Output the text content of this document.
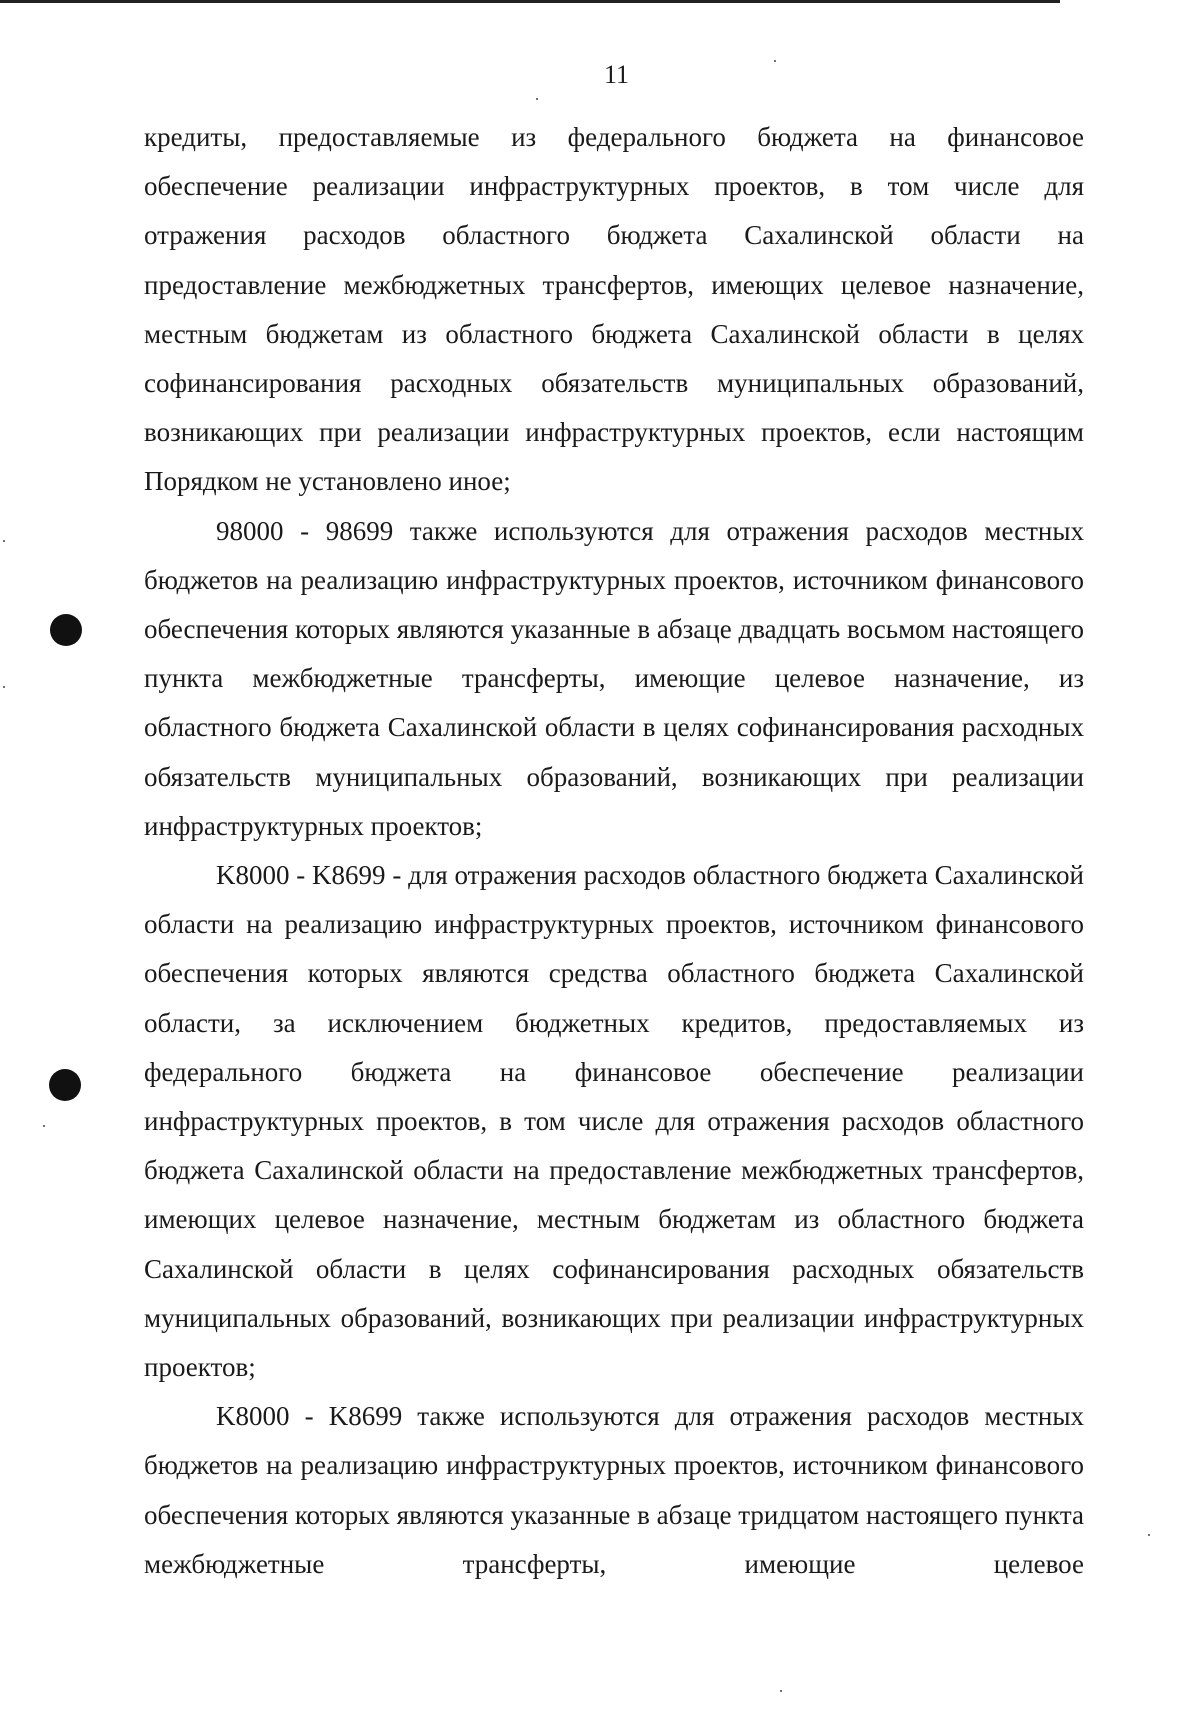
11

кредиты, предоставляемые из федерального бюджета на финансовое обеспечение реализации инфраструктурных проектов, в том числе для отражения расходов областного бюджета Сахалинской области на предоставление межбюджетных трансфертов, имеющих целевое назначение, местным бюджетам из областного бюджета Сахалинской области в целях софинансирования расходных обязательств муниципальных образований, возникающих при реализации инфраструктурных проектов, если настоящим Порядком не установлено иное;

98000 - 98699 также используются для отражения расходов местных бюджетов на реализацию инфраструктурных проектов, источником финансового обеспечения которых являются указанные в абзаце двадцать восьмом настоящего пункта межбюджетные трансферты, имеющие целевое назначение, из областного бюджета Сахалинской области в целях софинансирования расходных обязательств муниципальных образований, возникающих при реализации инфраструктурных проектов;

K8000 - K8699 - для отражения расходов областного бюджета Сахалинской области на реализацию инфраструктурных проектов, источником финансового обеспечения которых являются средства областного бюджета Сахалинской области, за исключением бюджетных кредитов, предоставляемых из федерального бюджета на финансовое обеспечение реализации инфраструктурных проектов, в том числе для отражения расходов областного бюджета Сахалинской области на предоставление межбюджетных трансфертов, имеющих целевое назначение, местным бюджетам из областного бюджета Сахалинской области в целях софинансирования расходных обязательств муниципальных образований, возникающих при реализации инфраструктурных проектов;

K8000 - K8699 также используются для отражения расходов местных бюджетов на реализацию инфраструктурных проектов, источником финансового обеспечения которых являются указанные в абзаце тридцатом настоящего пункта межбюджетные трансферты, имеющие целевое
